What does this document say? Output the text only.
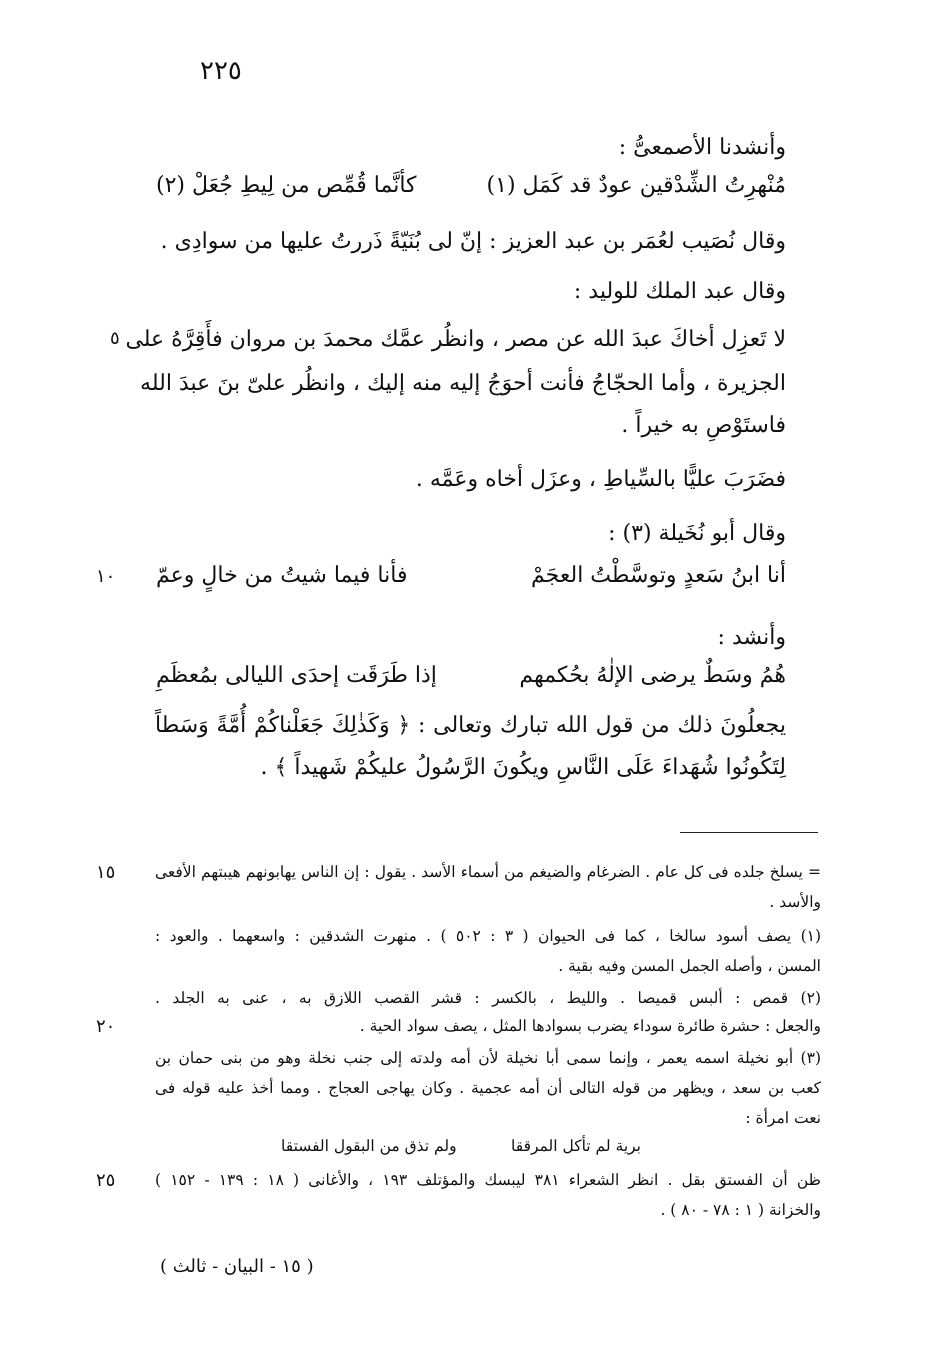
٢٢٥
وأنشدنا الأصمعىُّ :
مُنْهرِتُ الشِّدْقين عودٌ قد كَمَل (١)
كأنَّما قُمِّص من لِيطِ جُعَلْ (٢)
وقال نُصَيب لعُمَر بن عبد العزيز : إنّ لى بُنَيّةً ذَررتُ عليها من سوادِى .
وقال عبد الملك للوليد :
لا تَعزِل أخاكَ عبدَ الله عن مصر ، وانظُر عمَّك محمدَ بن مروان فأَقِرَّهُ على
٥
الجزيرة ، وأما الحجّاجُ فأنت أحوَجُ إليه منه إليك ، وانظُر علىّ بنَ عبدَ الله
فاستَوْصِ به خيراً .
فضَرَبَ عليًّا بالسِّياطِ ، وعزَل أخاه وعَمَّه .
وقال أبو نُخَيلة (٣) :
أنا ابنُ سَعدٍ وتوسَّطْتُ العجَمْ
فأنا فيما شيتُ من خالٍ وعمّ
١٠
وأنشد :
هُمُ وسَطٌ يرضى الإلٰهُ بحُكمهم
إذا طَرَقَت إحدَى الليالى بمُعظَمِ
يجعلُونَ ذلك من قول الله تبارك وتعالى : ﴿ وَكَذٰلِكَ جَعَلْناكُمْ أُمَّةً وَسَطاً
لِتَكُونُوا شُهَداءَ عَلَى النَّاسِ ويكُونَ الرَّسُولُ عليكُمْ شَهيداً ﴾ .
= يسلخ جلده فى كل عام . الضرغام والضيغم من أسماء الأسد . يقول : إن الناس يهابونهم هيبتهم الأفعى
١٥
والأسد .
(١) يصف أسود سالخا ، كما فى الحيوان ( ٣ : ٥٠٢ ) . منهرت الشدقين : واسعهما . والعود :
المسن ، وأصله الجمل المسن وفيه بقية .
(٢) قمص : ألبس قميصا . والليط ، بالكسر : قشر القصب اللازق به ، عنى به الجلد .
والجعل : حشرة طائرة سوداء يضرب بسوادها المثل ، يصف سواد الحية .
٢٠
(٣) أبو نخيلة اسمه يعمر ، وإنما سمى أبا نخيلة لأن أمه ولدته إلى جنب نخلة وهو من بنى حمان بن
كعب بن سعد ، ويظهر من قوله التالى أن أمه عجمية . وكان يهاجى العجاج . ومما أخذ عليه قوله فى
نعت امرأة :
برية لم تأكل المرققا
ولم تذق من البقول الفستقا
ظن أن الفستق بقل . انظر الشعراء ٣٨١ ليبسك والمؤتلف ١٩٣ ، والأغانى ( ١٨ : ١٣٩ - ١٥٢ )
٢٥
والخزانة ( ١ : ٧٨ - ٨٠ ) .
( ١٥ - البيان - ثالث )
